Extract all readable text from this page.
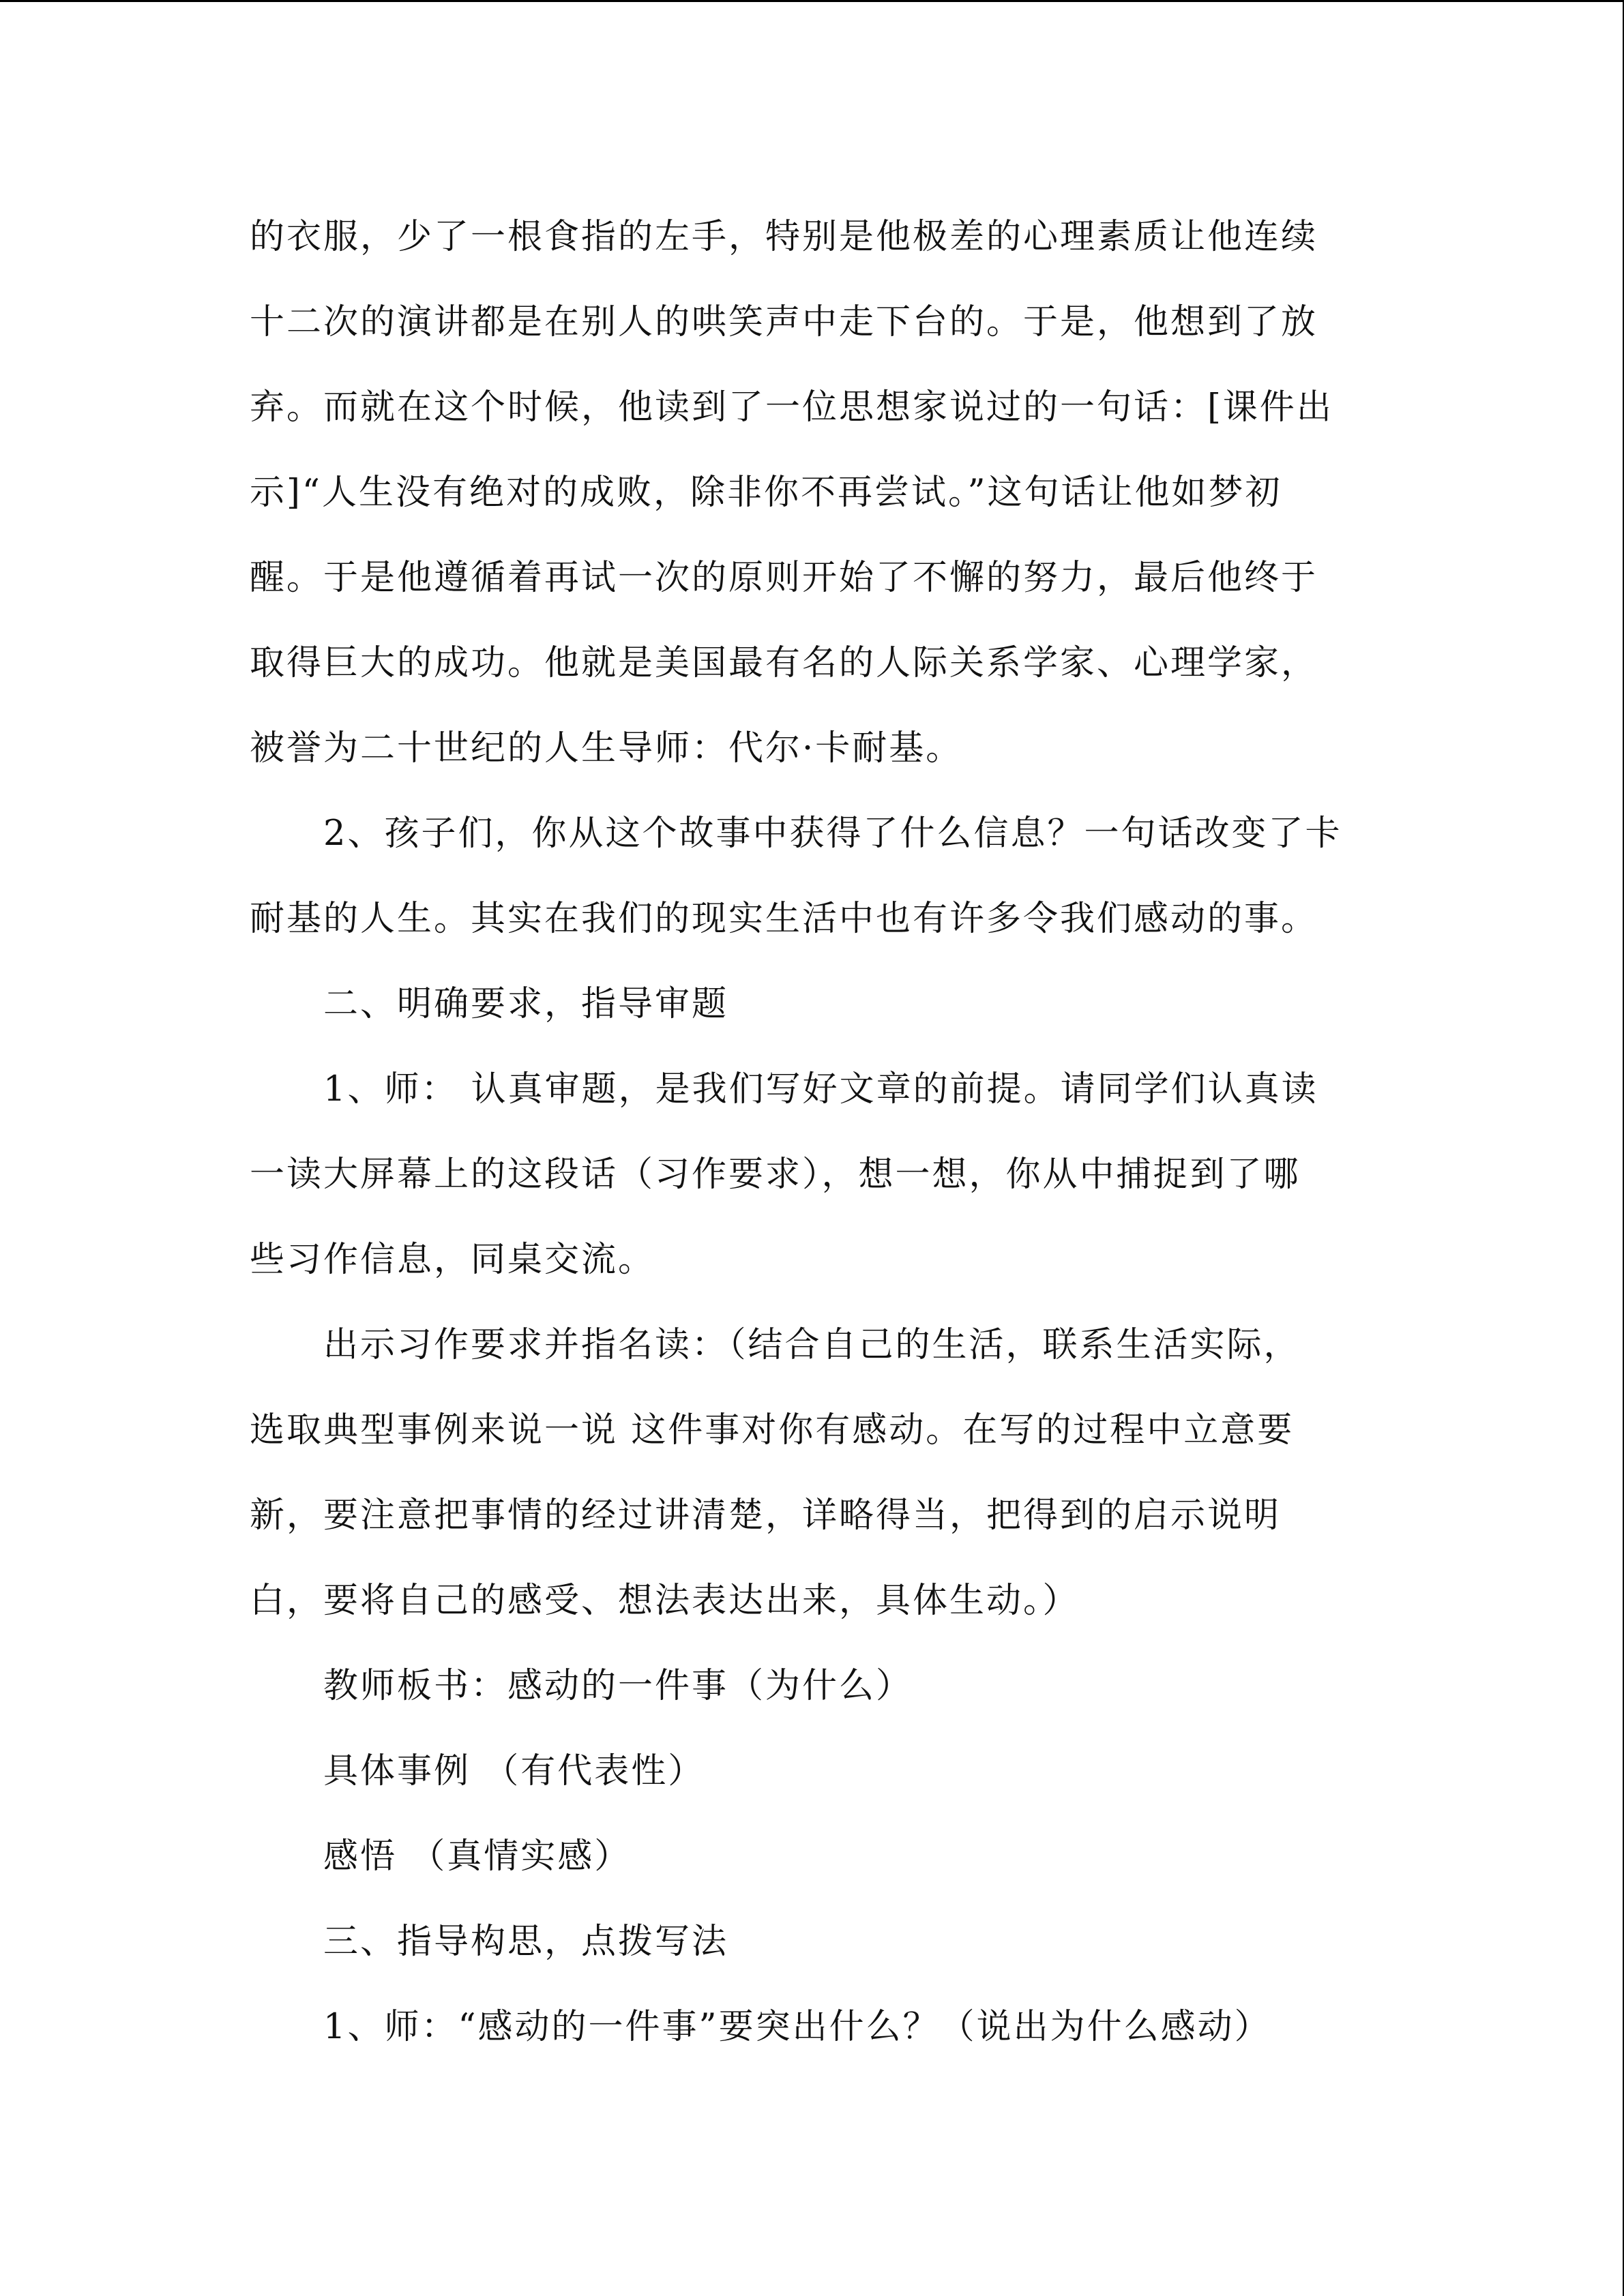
的衣服，少了一根食指的左手，特别是他极差的心理素质让他连续
十二次的演讲都是在别人的哄笑声中走下台的。于是，他想到了放
弃。而就在这个时候，他读到了一位思想家说过的一句话：[课件出
示]“人生没有绝对的成败，除非你不再尝试。”这句话让他如梦初
醒。于是他遵循着再试一次的原则开始了不懈的努力，最后他终于
取得巨大的成功。他就是美国最有名的人际关系学家、心理学家，
被誉为二十世纪的人生导师：代尔·卡耐基。
2、孩子们，你从这个故事中获得了什么信息？一句话改变了卡
耐基的人生。其实在我们的现实生活中也有许多令我们感动的事。
二、明确要求，指导审题
1、师： 认真审题，是我们写好文章的前提。请同学们认真读
一读大屏幕上的这段话（习作要求），想一想，你从中捕捉到了哪
些习作信息，同桌交流。
出示习作要求并指名读：（结合自己的生活，联系生活实际，
选取典型事例来说一说 这件事对你有感动。在写的过程中立意要
新，要注意把事情的经过讲清楚，详略得当，把得到的启示说明
白，要将自己的感受、想法表达出来，具体生动。）
教师板书：感动的一件事（为什么）
具体事例 （有代表性）
感悟 （真情实感）
三、指导构思，点拨写法
1、师：“感动的一件事”要突出什么？（说出为什么感动）
